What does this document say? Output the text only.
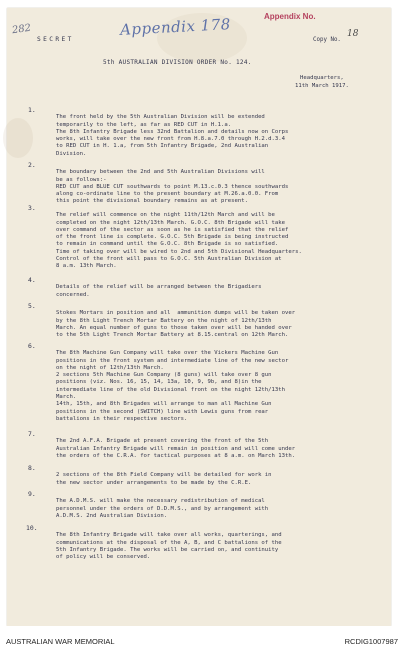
282
SECRET
Appendix 178	Appendix No.
Copy No.
18
5th AUSTRALIAN DIVISION ORDER No. 124.
Headquarters,
11th March 1917.
1.

The front held by the 5th Australian Division will be extended
temporarily to the left, as far as RED CUT in H.1.a.
The 8th Infantry Brigade less 32nd Battalion and details now on Corps
works, will take over the new front from H.8.a.7.0 through H.2.d.3.4
to RED CUT in H. 1.a, from 5th Infantry Brigade, 2nd Australian
Division.
2.

The boundary between the 2nd and 5th Australian Divisions will
be as follows:-
RED CUT and BLUE CUT southwards to point M.13.c.0.3 thence southwards
along co-ordinate line to the present boundary at M.26.a.0.0. From
this point the divisional boundary remains as at present.
3.

The relief will commence on the night 11th/12th March and will be
completed on the night 12th/13th March. G.O.C. 8th Brigade will take
over command of the sector as soon as he is satisfied that the relief
of the front line is complete. G.O.C. 5th Brigade is being instructed
to remain in command until the G.O.C. 8th Brigade is so satisfied.
Time of taking over will be wired to 2nd and 5th Divisional Headquarters.
Control of the front will pass to G.O.C. 5th Australian Division at
8 a.m. 13th March.
4.

Details of the relief will be arranged between the Brigadiers
concerned.
5.

Stokes Mortars in position and all  ammunition dumps will be taken over
by the 8th Light Trench Mortar Battery on the night of 12th/13th
March. An equal number of guns to those taken over will be handed over
to the 5th Light Trench Mortar Battery at 8.15.central on 12th March.
6.

The 8th Machine Gun Company will take over the Vickers Machine Gun
positions in the front system and intermediate line of the new sector
on the night of 12th/13th March.
2 sections 5th Machine Gun Company (8 guns) will take over 8 gun
positions (viz. Nos. 16, 15, 14, 13a, 10, 9, 9b, and 8)in the
intermediate line of the old Divisional front on the night 12th/13th
March.
14th, 15th, and 8th Brigades will arrange to man all Machine Gun
positions in the second (SWITCH) line with Lewis guns from rear
battalions in their respective sectors.
7.

The 2nd A.F.A. Brigade at present covering the front of the 5th
Australian Infantry Brigade will remain in position and will come under
the orders of the C.R.A. for tactical purposes at 8 a.m. on March 13th.
8.

2 sections of the 8th Field Company will be detailed for work in
the new sector under arrangements to be made by the C.R.E.
9.

The A.D.M.S. will make the necessary redistribution of medical
personnel under the orders of D.D.M.S., and by arrangement with
A.D.M.S. 2nd Australian Division.
10.

The 8th Infantry Brigade will take over all works, quarterings, and
communications at the disposal of the A, B, and C battalions of the
5th Infantry Brigade. The works will be carried on, and continuity
of policy will be conserved.
AUSTRALIAN WAR MEMORIAL	RCDIG1007987
